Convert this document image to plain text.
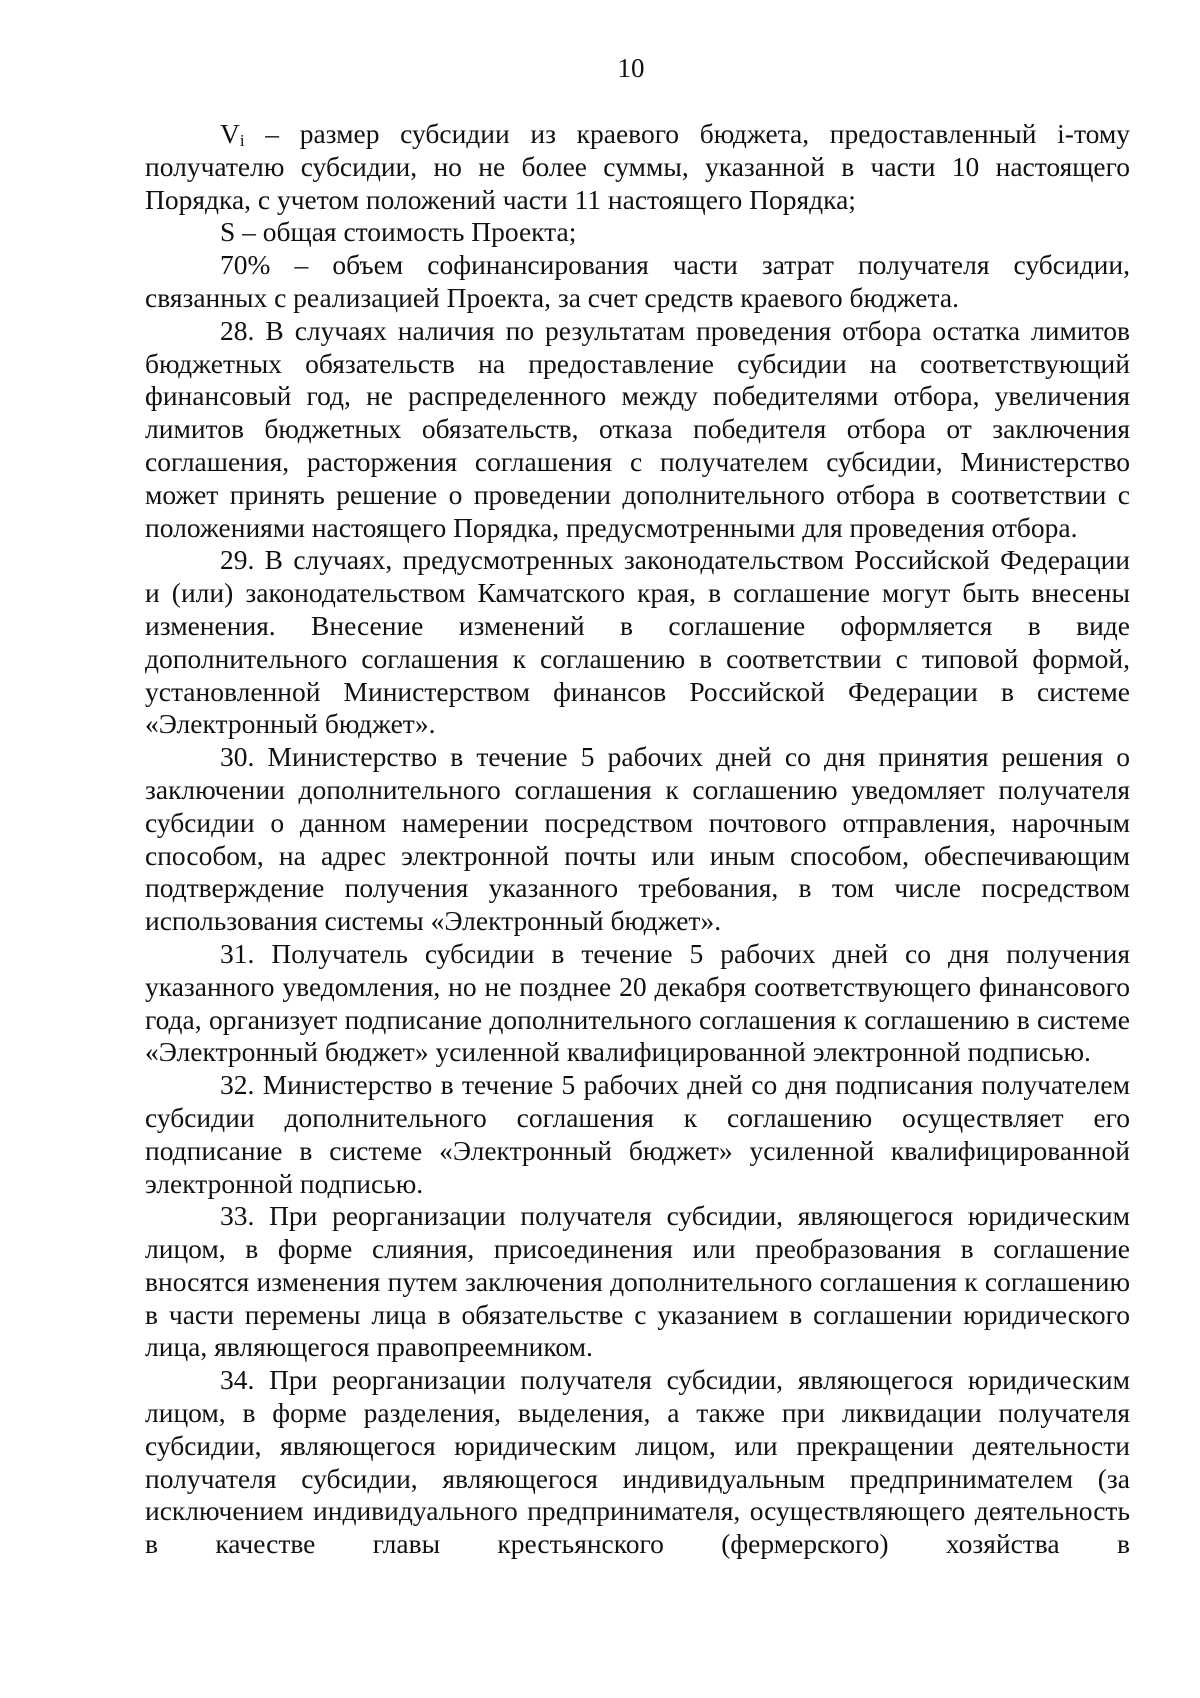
10

$V_i$ – размер субсидии из краевого бюджета, предоставленный i-тому
получателю субсидии, но не более суммы, указанной в части 10 настоящего Порядка, с учетом положений части 11 настоящего Порядка;

S – общая стоимость Проекта;

70% – объем софинансирования части затрат получателя субсидии, связанных с реализацией Проекта, за счет средств краевого бюджета.

28. В случаях наличия по результатам проведения отбора остатка лимитов бюджетных обязательств на предоставление субсидии на соответствующий финансовый год, не распределенного между победителями отбора, увеличения лимитов бюджетных обязательств, отказа победителя отбора от заключения соглашения, расторжения соглашения с получателем субсидии, Министерство может принять решение о проведении дополнительного отбора в соответствии с положениями настоящего Порядка, предусмотренными для проведения отбора.

29. В случаях, предусмотренных законодательством Российской Федерации и (или) законодательством Камчатского края, в соглашение могут быть внесены изменения. Внесение изменений в соглашение оформляется в виде дополнительного соглашения к соглашению в соответствии с типовой формой, установленной Министерством финансов Российской Федерации в системе «Электронный бюджет».

30. Министерство в течение 5 рабочих дней со дня принятия решения о заключении дополнительного соглашения к соглашению уведомляет получателя субсидии о данном намерении посредством почтового отправления, нарочным способом, на адрес электронной почты или иным способом, обеспечивающим подтверждение получения указанного требования, в том числе посредством использования системы «Электронный бюджет».

31. Получатель субсидии в течение 5 рабочих дней со дня получения указанного уведомления, но не позднее 20 декабря соответствующего финансового года, организует подписание дополнительного соглашения к соглашению в системе «Электронный бюджет» усиленной квалифицированной электронной подписью.

32. Министерство в течение 5 рабочих дней со дня подписания получателем субсидии дополнительного соглашения к соглашению осуществляет его подписание в системе «Электронный бюджет» усиленной квалифицированной электронной подписью.

33. При реорганизации получателя субсидии, являющегося юридическим лицом, в форме слияния, присоединения или преобразования в соглашение вносятся изменения путем заключения дополнительного соглашения к соглашению в части перемены лица в обязательстве с указанием в соглашении юридического лица, являющегося правопреемником.

34. При реорганизации получателя субсидии, являющегося юридическим лицом, в форме разделения, выделения, а также при ликвидации получателя субсидии, являющегося юридическим лицом, или прекращении деятельности получателя субсидии, являющегося индивидуальным предпринимателем (за исключением индивидуального предпринимателя, осуществляющего деятельность в качестве главы крестьянского (фермерского) хозяйства в
